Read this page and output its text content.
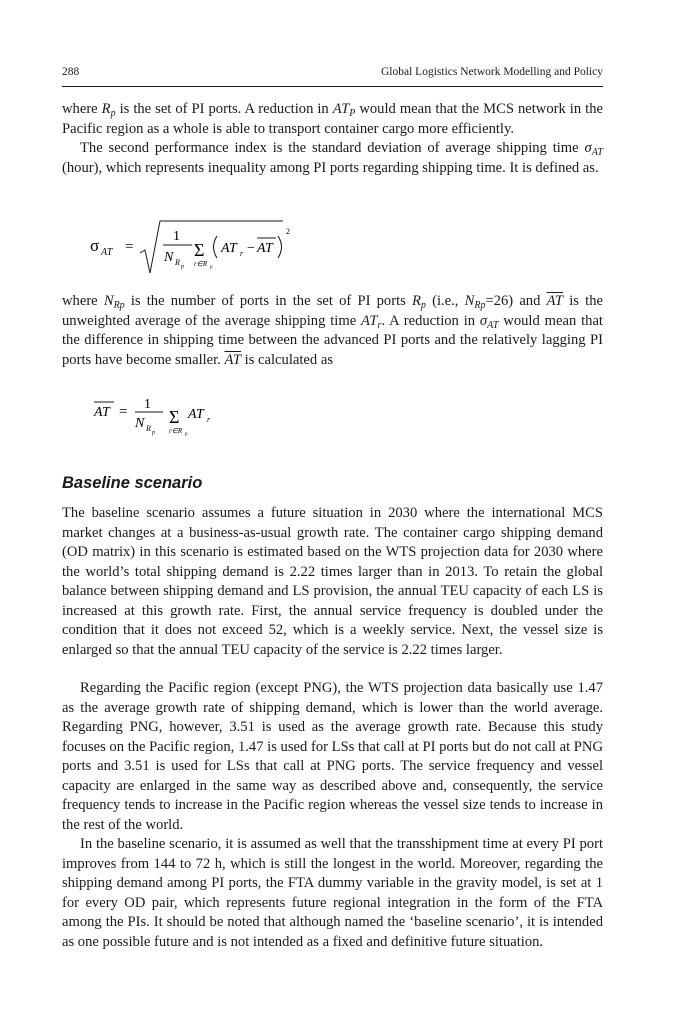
288	Global Logistics Network Modelling and Policy

where $R_p$ is the set of PI ports. A reduction in $AT_P$ would mean that the MCS network in the Pacific region as a whole is able to transport container cargo more efficiently.

The second performance index is the standard deviation of average shipping time $\sigma_{AT}$ (hour), which represents inequality among PI ports regarding shipping time. It is defined as.

σ AT =
1
N R p
Σ
r∈R p
AT r − AT
2

where $N_{Rp}$ is the number of ports in the set of PI ports $R_p$ (i.e., $N_{Rp}=26$) and $\overline{AT}$ is the unweighted average of the average shipping time $AT_r$. A reduction in $\sigma_{AT}$ would mean that the difference in shipping time between the advanced PI ports and the relatively lagging PI ports have become smaller. $\overline{AT}$ is calculated as

AT = 1
N R p
Σ
r∈R p
AT r
Baseline scenario

The baseline scenario assumes a future situation in 2030 where the international MCS market changes at a business-as-usual growth rate. The container cargo shipping demand (OD matrix) in this scenario is estimated based on the WTS projection data for 2030 where the world’s total shipping demand is 2.22 times larger than in 2013. To retain the global balance between shipping demand and LS provision, the annual TEU capacity of each LS is increased at this growth rate. First, the annual service frequency is doubled under the condition that it does not exceed 52, which is a weekly service. Next, the vessel size is enlarged so that the annual TEU capacity of the service is 2.22 times larger.

Regarding the Pacific region (except PNG), the WTS projection data basically use 1.47 as the average growth rate of shipping demand, which is lower than the world average. Regarding PNG, however, 3.51 is used as the average growth rate. Because this study focuses on the Pacific region, 1.47 is used for LSs that call at PI ports but do not call at PNG ports and 3.51 is used for LSs that call at PNG ports. The service frequency and vessel capacity are enlarged in the same way as described above and, consequently, the service frequency tends to increase in the Pacific region whereas the vessel size tends to increase in the rest of the world.

In the baseline scenario, it is assumed as well that the transshipment time at every PI port improves from 144 to 72 h, which is still the longest in the world. Moreover, regarding the shipping demand among PI ports, the FTA dummy variable in the gravity model, is set at 1 for every OD pair, which represents future regional integration in the form of the FTA among the PIs. It should be noted that although named the ‘baseline scenario’, it is intended as one possible future and is not intended as a fixed and definitive future situation.
